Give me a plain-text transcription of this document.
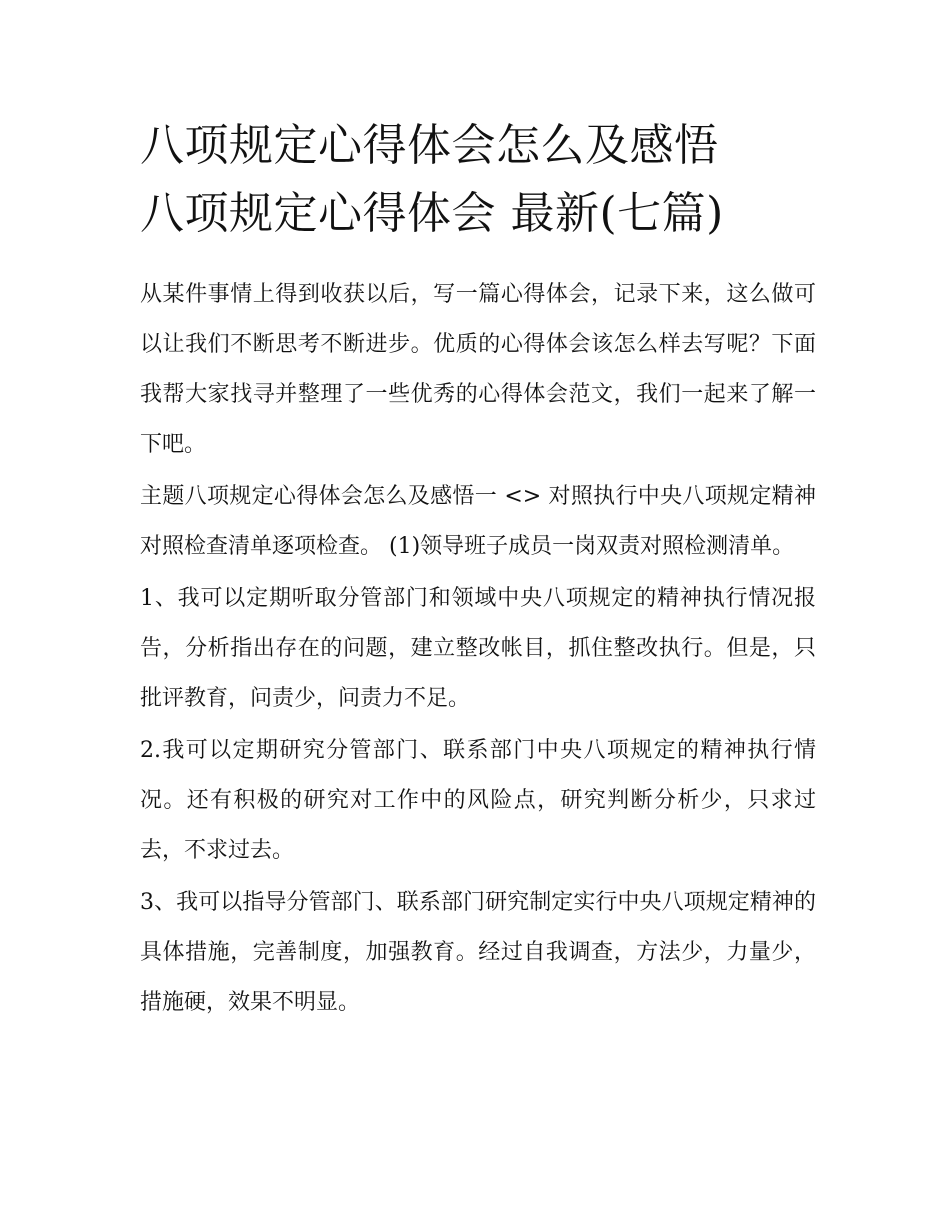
八项规定心得体会怎么及感悟
八项规定心得体会 最新(七篇)

从某件事情上得到收获以后，写一篇心得体会，记录下来，这么做可以让我们不断思考不断进步。优质的心得体会该怎么样去写呢？下面我帮大家找寻并整理了一些优秀的心得体会范文，我们一起来了解一下吧。

主题八项规定心得体会怎么及感悟一 <> 对照执行中央八项规定精神对照检查清单逐项检查。 (1)领导班子成员一岗双责对照检测清单。

1、我可以定期听取分管部门和领域中央八项规定的精神执行情况报告，分析指出存在的问题，建立整改帐目，抓住整改执行。但是，只批评教育，问责少，问责力不足。

2.我可以定期研究分管部门、联系部门中央八项规定的精神执行情况。还有积极的研究对工作中的风险点，研究判断分析少，只求过去，不求过去。

3、我可以指导分管部门、联系部门研究制定实行中央八项规定精神的具体措施，完善制度，加强教育。经过自我调查，方法少，力量少，措施硬，效果不明显。
